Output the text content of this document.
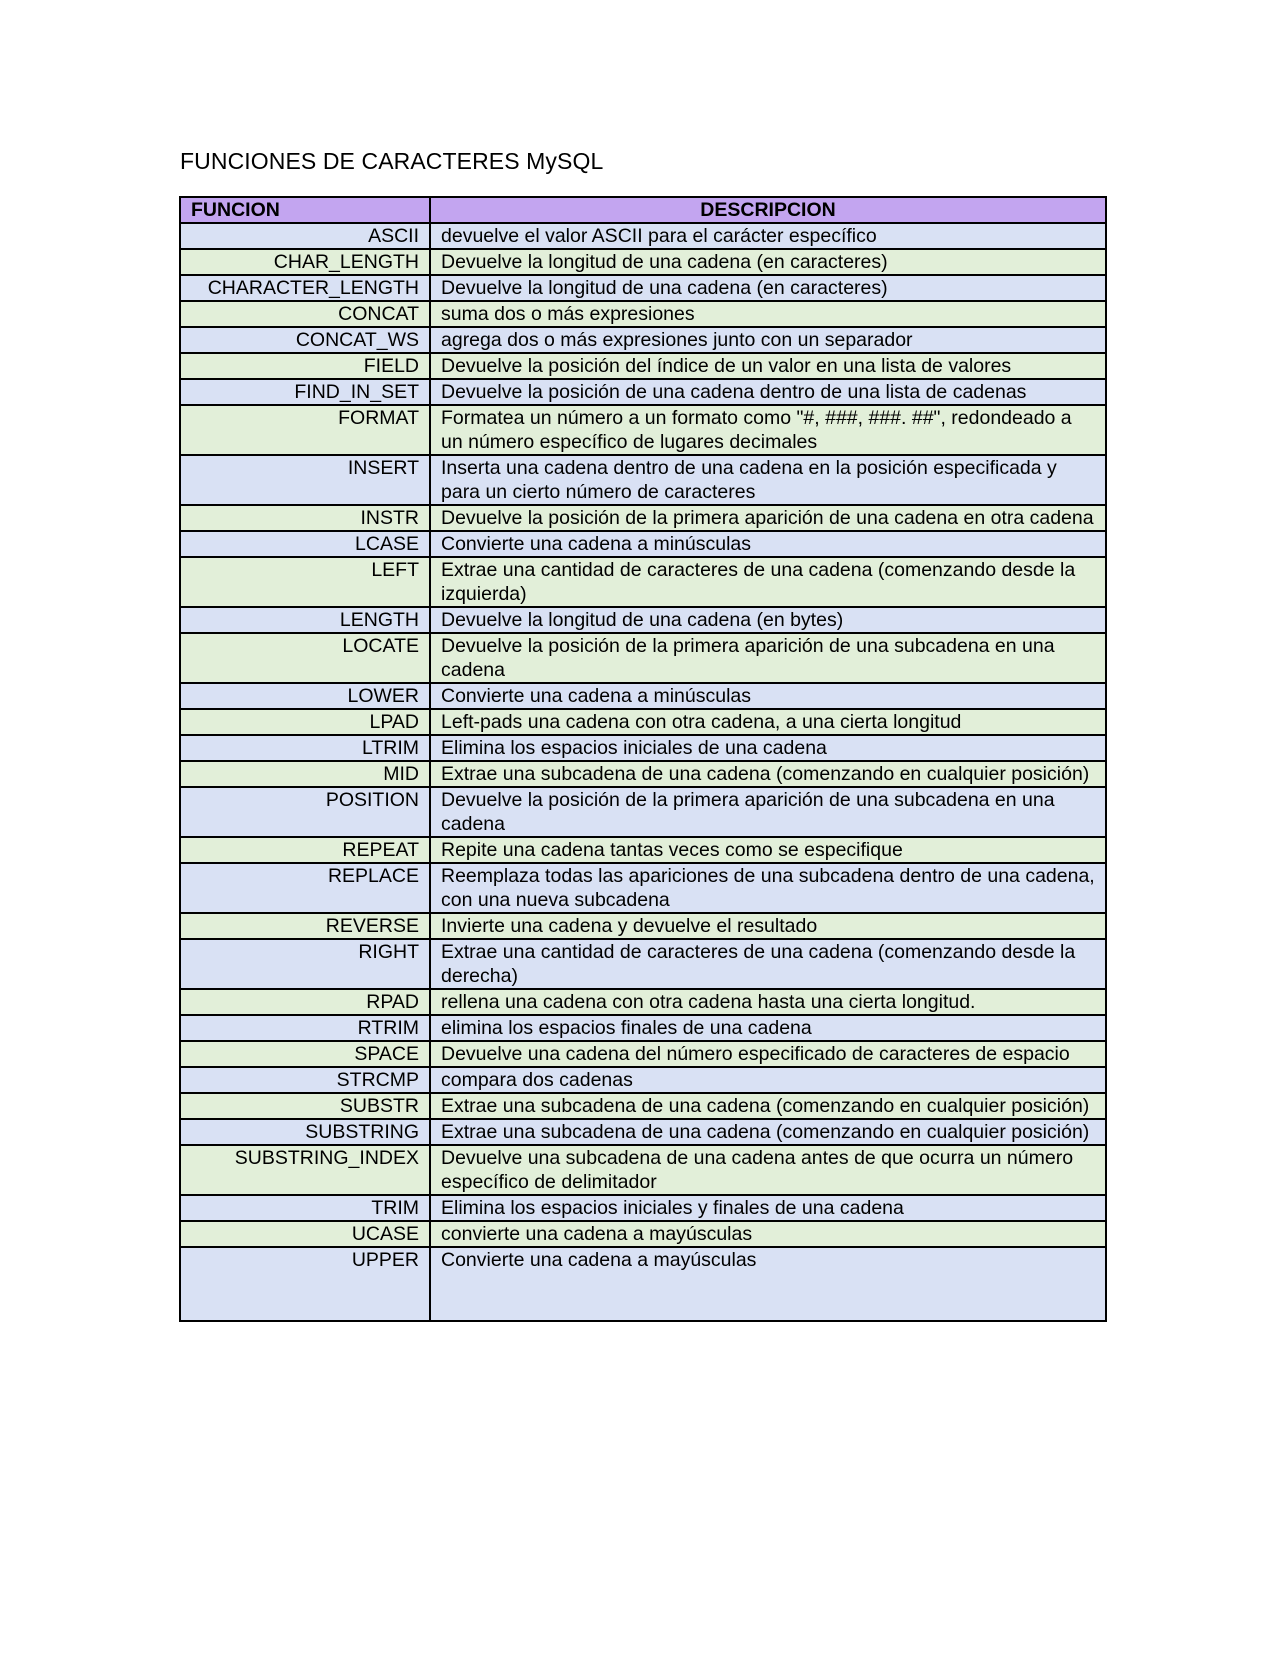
FUNCIONES DE CARACTERES MySQL
FUNCION	DESCRIPCION
ASCII	devuelve el valor ASCII para el carácter específico
CHAR_LENGTH	Devuelve la longitud de una cadena (en caracteres)
CHARACTER_LENGTH	Devuelve la longitud de una cadena (en caracteres)
CONCAT	suma dos o más expresiones
CONCAT_WS	agrega dos o más expresiones junto con un separador
FIELD	Devuelve la posición del índice de un valor en una lista de valores
FIND_IN_SET	Devuelve la posición de una cadena dentro de una lista de cadenas
FORMAT	Formatea un número a un formato como "#, ###, ###. ##", redondeado a un número específico de lugares decimales
INSERT	Inserta una cadena dentro de una cadena en la posición especificada y para un cierto número de caracteres
INSTR	Devuelve la posición de la primera aparición de una cadena en otra cadena
LCASE	Convierte una cadena a minúsculas
LEFT	Extrae una cantidad de caracteres de una cadena (comenzando desde la izquierda)
LENGTH	Devuelve la longitud de una cadena (en bytes)
LOCATE	Devuelve la posición de la primera aparición de una subcadena en una cadena
LOWER	Convierte una cadena a minúsculas
LPAD	Left-pads una cadena con otra cadena, a una cierta longitud
LTRIM	Elimina los espacios iniciales de una cadena
MID	Extrae una subcadena de una cadena (comenzando en cualquier posición)
POSITION	Devuelve la posición de la primera aparición de una subcadena en una cadena
REPEAT	Repite una cadena tantas veces como se especifique
REPLACE	Reemplaza todas las apariciones de una subcadena dentro de una cadena, con una nueva subcadena
REVERSE	Invierte una cadena y devuelve el resultado
RIGHT	Extrae una cantidad de caracteres de una cadena (comenzando desde la derecha)
RPAD	rellena una cadena con otra cadena hasta una cierta longitud.
RTRIM	elimina los espacios finales de una cadena
SPACE	Devuelve una cadena del número especificado de caracteres de espacio
STRCMP	compara dos cadenas
SUBSTR	Extrae una subcadena de una cadena (comenzando en cualquier posición)
SUBSTRING	Extrae una subcadena de una cadena (comenzando en cualquier posición)
SUBSTRING_INDEX	Devuelve una subcadena de una cadena antes de que ocurra un número específico de delimitador
TRIM	Elimina los espacios iniciales y finales de una cadena
UCASE	convierte una cadena a mayúsculas
UPPER	Convierte una cadena a mayúsculas
